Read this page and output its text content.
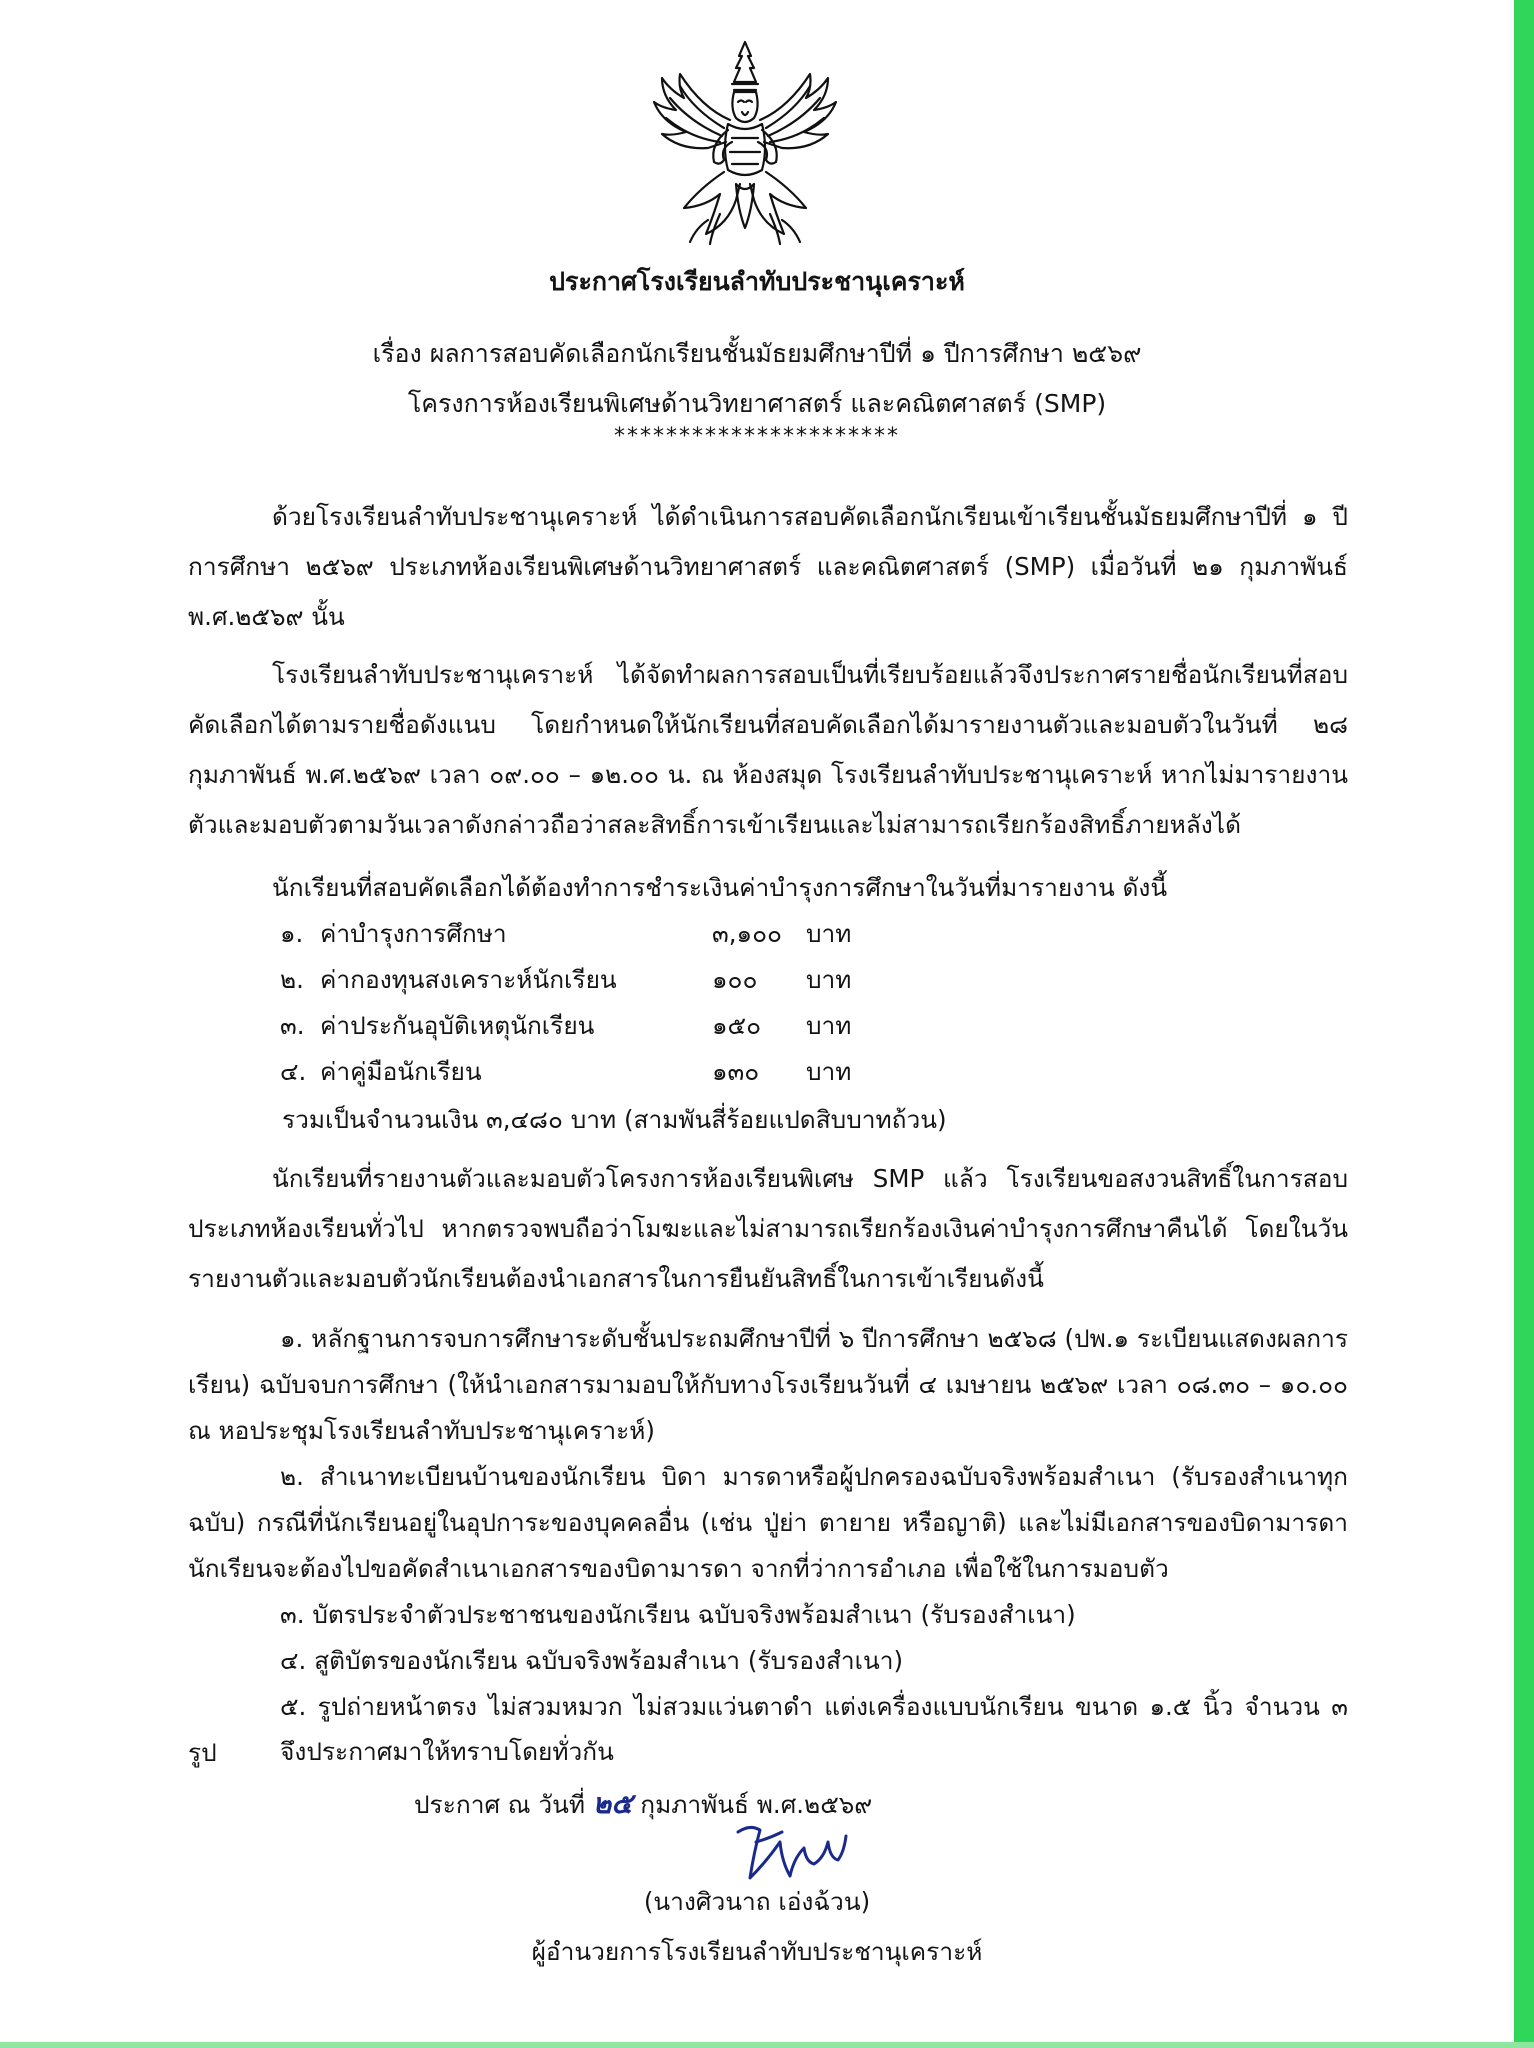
ประกาศโรงเรียนลำทับประชานุเคราะห์
เรื่อง ผลการสอบคัดเลือกนักเรียนชั้นมัธยมศึกษาปีที่ ๑ ปีการศึกษา ๒๕๖๙
โครงการห้องเรียนพิเศษด้านวิทยาศาสตร์ และคณิตศาสตร์ (SMP)
**********************
ด้วยโรงเรียนลำทับประชานุเคราะห์ ได้ดำเนินการสอบคัดเลือกนักเรียนเข้าเรียนชั้นมัธยมศึกษาปีที่ ๑ ปีการศึกษา ๒๕๖๙ ประเภทห้องเรียนพิเศษด้านวิทยาศาสตร์ และคณิตศาสตร์ (SMP) เมื่อวันที่ ๒๑ กุมภาพันธ์ พ.ศ.๒๕๖๙ นั้น
โรงเรียนลำทับประชานุเคราะห์ ได้จัดทำผลการสอบเป็นที่เรียบร้อยแล้วจึงประกาศรายชื่อนักเรียนที่สอบคัดเลือกได้ตามรายชื่อดังแนบ โดยกำหนดให้นักเรียนที่สอบคัดเลือกได้มารายงานตัวและมอบตัวในวันที่ ๒๘ กุมภาพันธ์ พ.ศ.๒๕๖๙ เวลา ๐๙.๐๐ – ๑๒.๐๐ น. ณ ห้องสมุด โรงเรียนลำทับประชานุเคราะห์ หากไม่มารายงานตัวและมอบตัวตามวันเวลาดังกล่าวถือว่าสละสิทธิ์การเข้าเรียนและไม่สามารถเรียกร้องสิทธิ์ภายหลังได้
นักเรียนที่สอบคัดเลือกได้ต้องทำการชำระเงินค่าบำรุงการศึกษาในวันที่มารายงาน ดังนี้
๑. ค่าบำรุงการศึกษา	๓,๑๐๐ บาท
๒. ค่ากองทุนสงเคราะห์นักเรียน	๑๐๐ บาท
๓. ค่าประกันอุบัติเหตุนักเรียน	๑๕๐ บาท
๔. ค่าคู่มือนักเรียน	๑๓๐ บาท
รวมเป็นจำนวนเงิน ๓,๔๘๐ บาท (สามพันสี่ร้อยแปดสิบบาทถ้วน)
นักเรียนที่รายงานตัวและมอบตัวโครงการห้องเรียนพิเศษ SMP แล้ว โรงเรียนขอสงวนสิทธิ์ในการสอบประเภทห้องเรียนทั่วไป หากตรวจพบถือว่าโมฆะและไม่สามารถเรียกร้องเงินค่าบำรุงการศึกษาคืนได้ โดยในวันรายงานตัวและมอบตัวนักเรียนต้องนำเอกสารในการยืนยันสิทธิ์ในการเข้าเรียนดังนี้

๑. หลักฐานการจบการศึกษาระดับชั้นประถมศึกษาปีที่ ๖ ปีการศึกษา ๒๕๖๘ (ปพ.๑ ระเบียนแสดงผลการเรียน) ฉบับจบการศึกษา (ให้นำเอกสารมามอบให้กับทางโรงเรียนวันที่ ๔ เมษายน ๒๕๖๙ เวลา ๐๘.๓๐ – ๑๐.๐๐ ณ หอประชุมโรงเรียนลำทับประชานุเคราะห์)

๒. สำเนาทะเบียนบ้านของนักเรียน บิดา มารดาหรือผู้ปกครองฉบับจริงพร้อมสำเนา (รับรองสำเนาทุกฉบับ) กรณีที่นักเรียนอยู่ในอุปการะของบุคคลอื่น (เช่น ปู่ย่า ตายาย หรือญาติ) และไม่มีเอกสารของบิดามารดา นักเรียนจะต้องไปขอคัดสำเนาเอกสารของบิดามารดา จากที่ว่าการอำเภอ เพื่อใช้ในการมอบตัว

๓. บัตรประจำตัวประชาชนของนักเรียน ฉบับจริงพร้อมสำเนา (รับรองสำเนา)

๔. สูติบัตรของนักเรียน ฉบับจริงพร้อมสำเนา (รับรองสำเนา)

๕. รูปถ่ายหน้าตรง ไม่สวมหมวก ไม่สวมแว่นตาดำ แต่งเครื่องแบบนักเรียน ขนาด ๑.๕ นิ้ว จำนวน ๓ รูป	จึงประกาศมาให้ทราบโดยทั่วกัน
ประกาศ ณ วันที่ ๒๕ กุมภาพันธ์ พ.ศ.๒๕๖๙
(นางศิวนาถ เอ่งฉ้วน)
ผู้อำนวยการโรงเรียนลำทับประชานุเคราะห์
